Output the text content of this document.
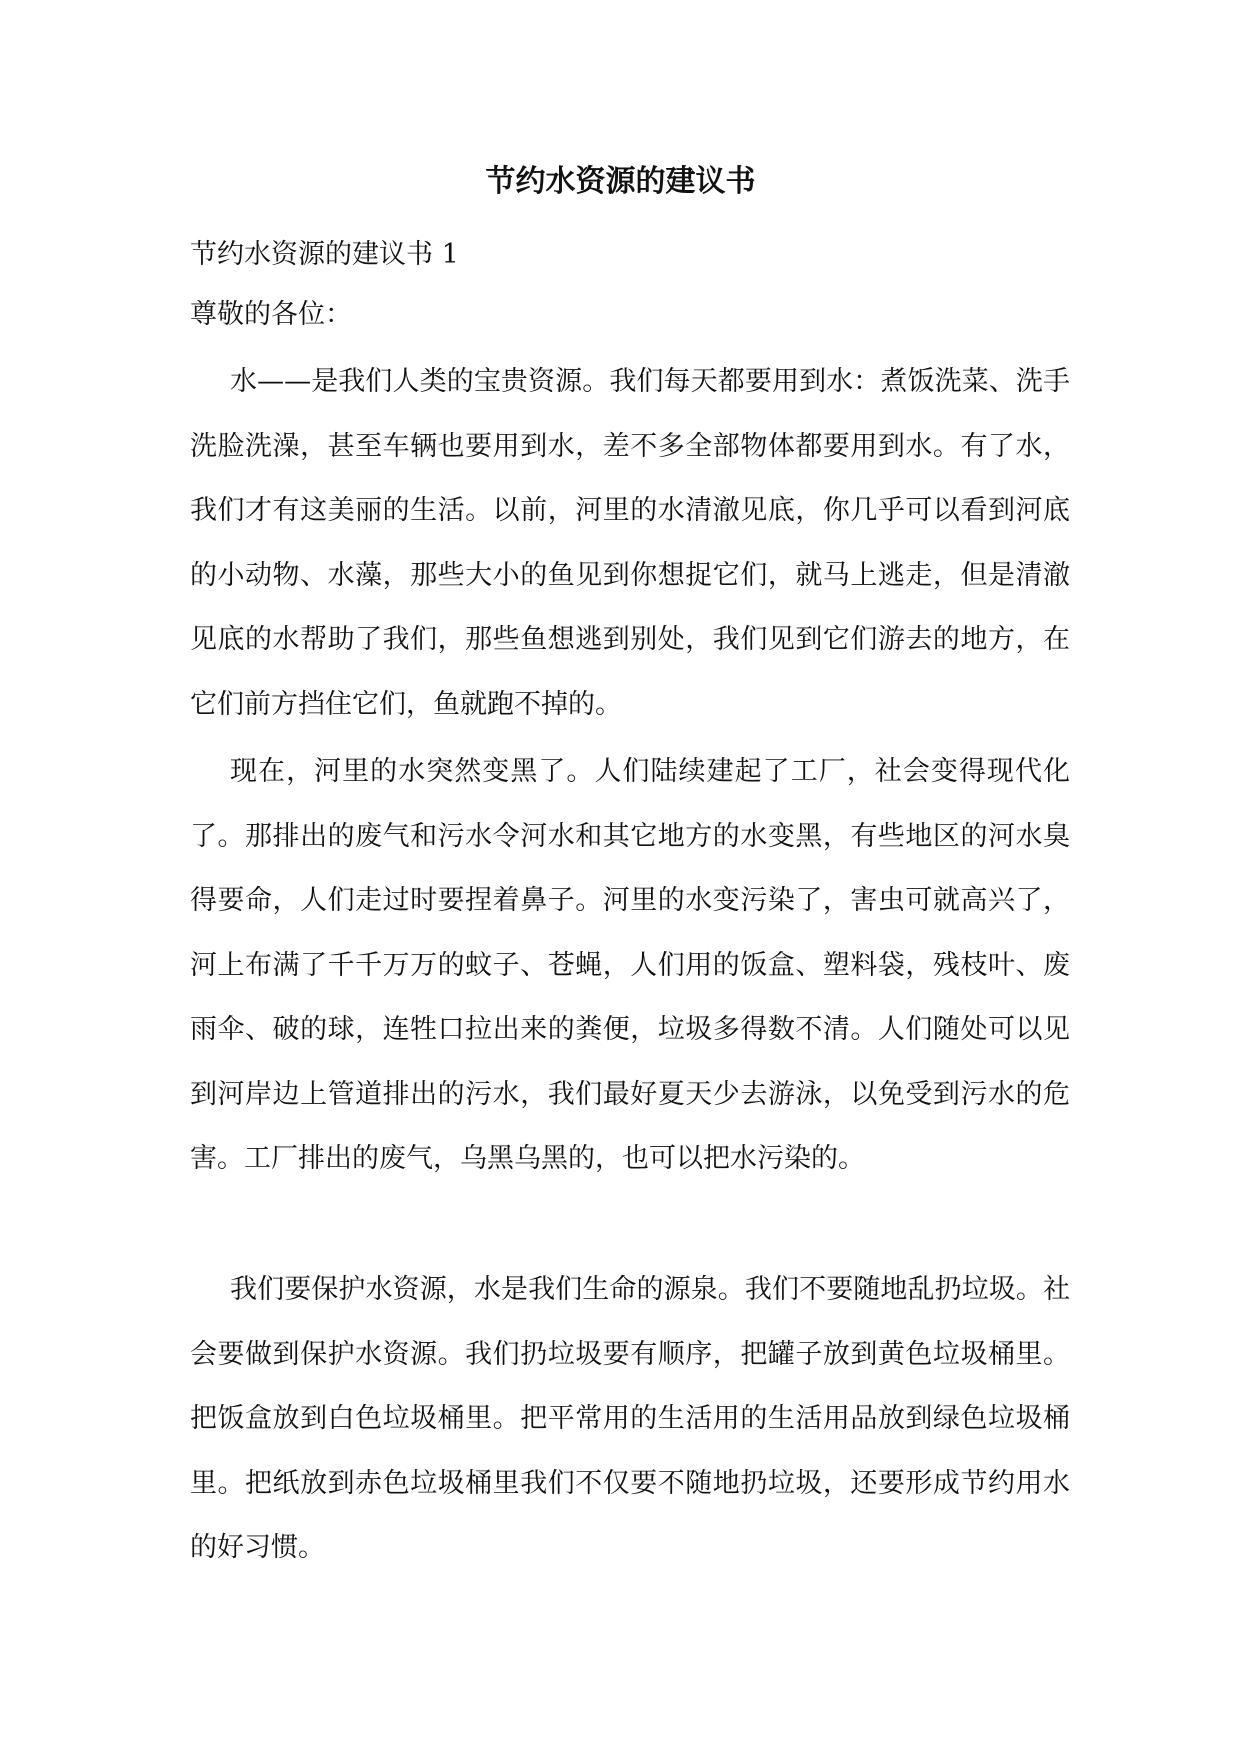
节约水资源的建议书

节约水资源的建议书 1

尊敬的各位：

水——是我们人类的宝贵资源。我们每天都要用到水：煮饭洗菜、洗手洗脸洗澡，甚至车辆也要用到水，差不多全部物体都要用到水。有了水，我们才有这美丽的生活。以前，河里的水清澈见底，你几乎可以看到河底的小动物、水藻，那些大小的鱼见到你想捉它们，就马上逃走，但是清澈见底的水帮助了我们，那些鱼想逃到别处，我们见到它们游去的地方，在它们前方挡住它们，鱼就跑不掉的。

现在，河里的水突然变黑了。人们陆续建起了工厂，社会变得现代化了。那排出的废气和污水令河水和其它地方的水变黑，有些地区的河水臭得要命，人们走过时要捏着鼻子。河里的水变污染了，害虫可就高兴了，河上布满了千千万万的蚊子、苍蝇，人们用的饭盒、塑料袋，残枝叶、废雨伞、破的球，连牲口拉出来的粪便，垃圾多得数不清。人们随处可以见到河岸边上管道排出的污水，我们最好夏天少去游泳，以免受到污水的危害。工厂排出的废气，乌黑乌黑的，也可以把水污染的。

我们要保护水资源，水是我们生命的源泉。我们不要随地乱扔垃圾。社会要做到保护水资源。我们扔垃圾要有顺序，把罐子放到黄色垃圾桶里。把饭盒放到白色垃圾桶里。把平常用的生活用的生活用品放到绿色垃圾桶里。把纸放到赤色垃圾桶里我们不仅要不随地扔垃圾，还要形成节约用水的好习惯。
